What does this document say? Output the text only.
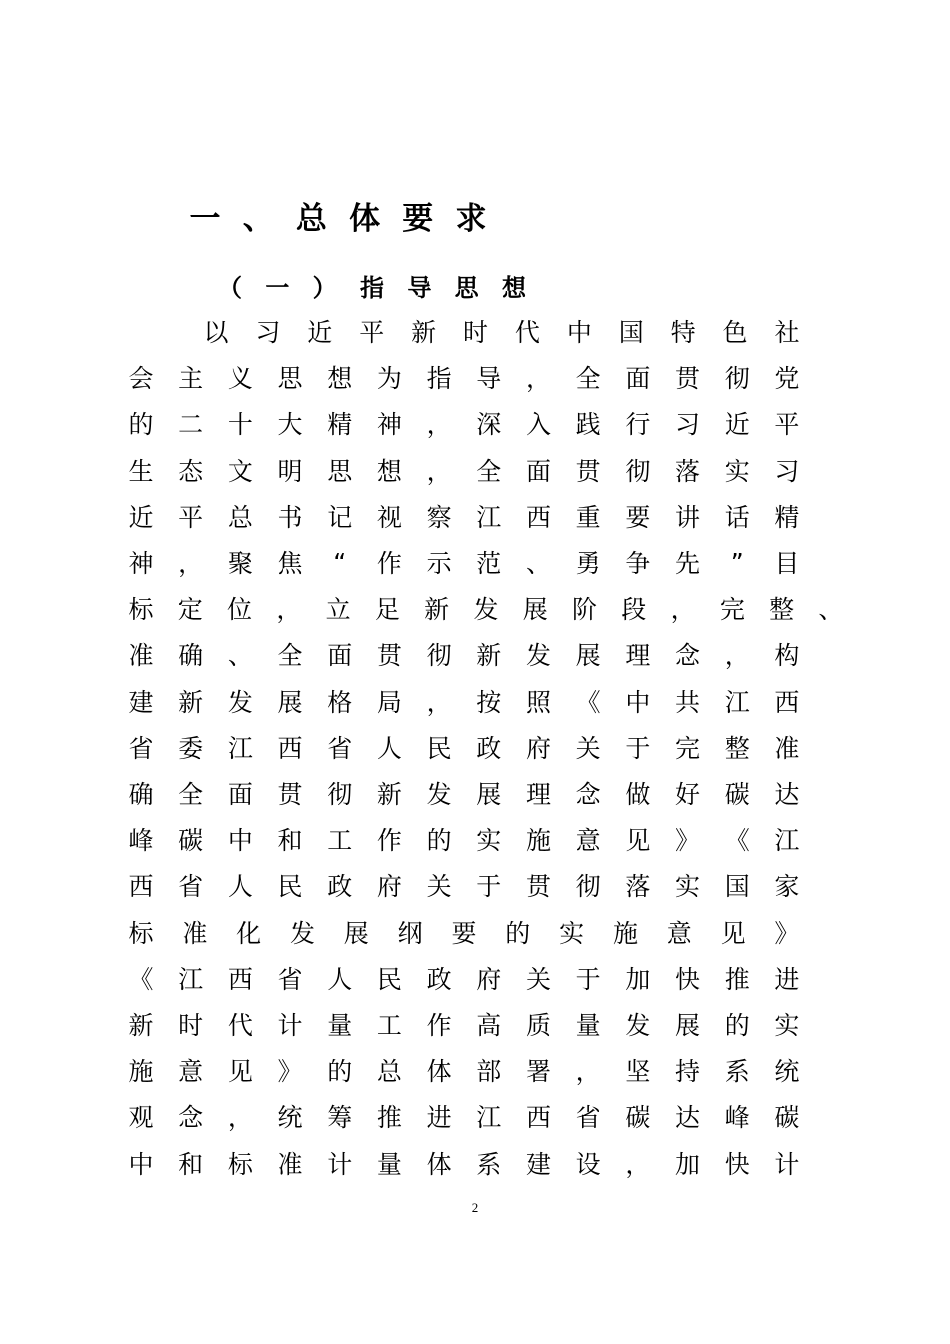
一 、 总 体 要 求
（ 一 ） 指 导 思 想
以 习 近 平 新 时 代 中 国 特 色 社
会 主 义 思 想 为 指 导 ， 全 面 贯 彻 党
的 二 十 大 精 神 ， 深 入 践 行 习 近 平
生 态 文 明 思 想 ， 全 面 贯 彻 落 实 习
近 平 总 书 记 视 察 江 西 重 要 讲 话 精
神 ， 聚 焦 “ 作 示 范 、 勇 争 先 ” 目
标 定 位 ， 立 足 新 发 展 阶 段 ， 完 整 、
准 确 、 全 面 贯 彻 新 发 展 理 念 ， 构
建 新 发 展 格 局 ， 按 照 《 中 共 江 西
省 委 江 西 省 人 民 政 府 关 于 完 整 准
确 全 面 贯 彻 新 发 展 理 念 做 好 碳 达
峰 碳 中 和 工 作 的 实 施 意 见 》 《 江
西 省 人 民 政 府 关 于 贯 彻 落 实 国 家
标 准 化 发 展 纲 要 的 实 施 意 见 》
《 江 西 省 人 民 政 府 关 于 加 快 推 进
新 时 代 计 量 工 作 高 质 量 发 展 的 实
施 意 见 》 的 总 体 部 署 ， 坚 持 系 统
观 念 ， 统 筹 推 进 江 西 省 碳 达 峰 碳
中 和 标 准 计 量 体 系 建 设 ， 加 快 计
2
